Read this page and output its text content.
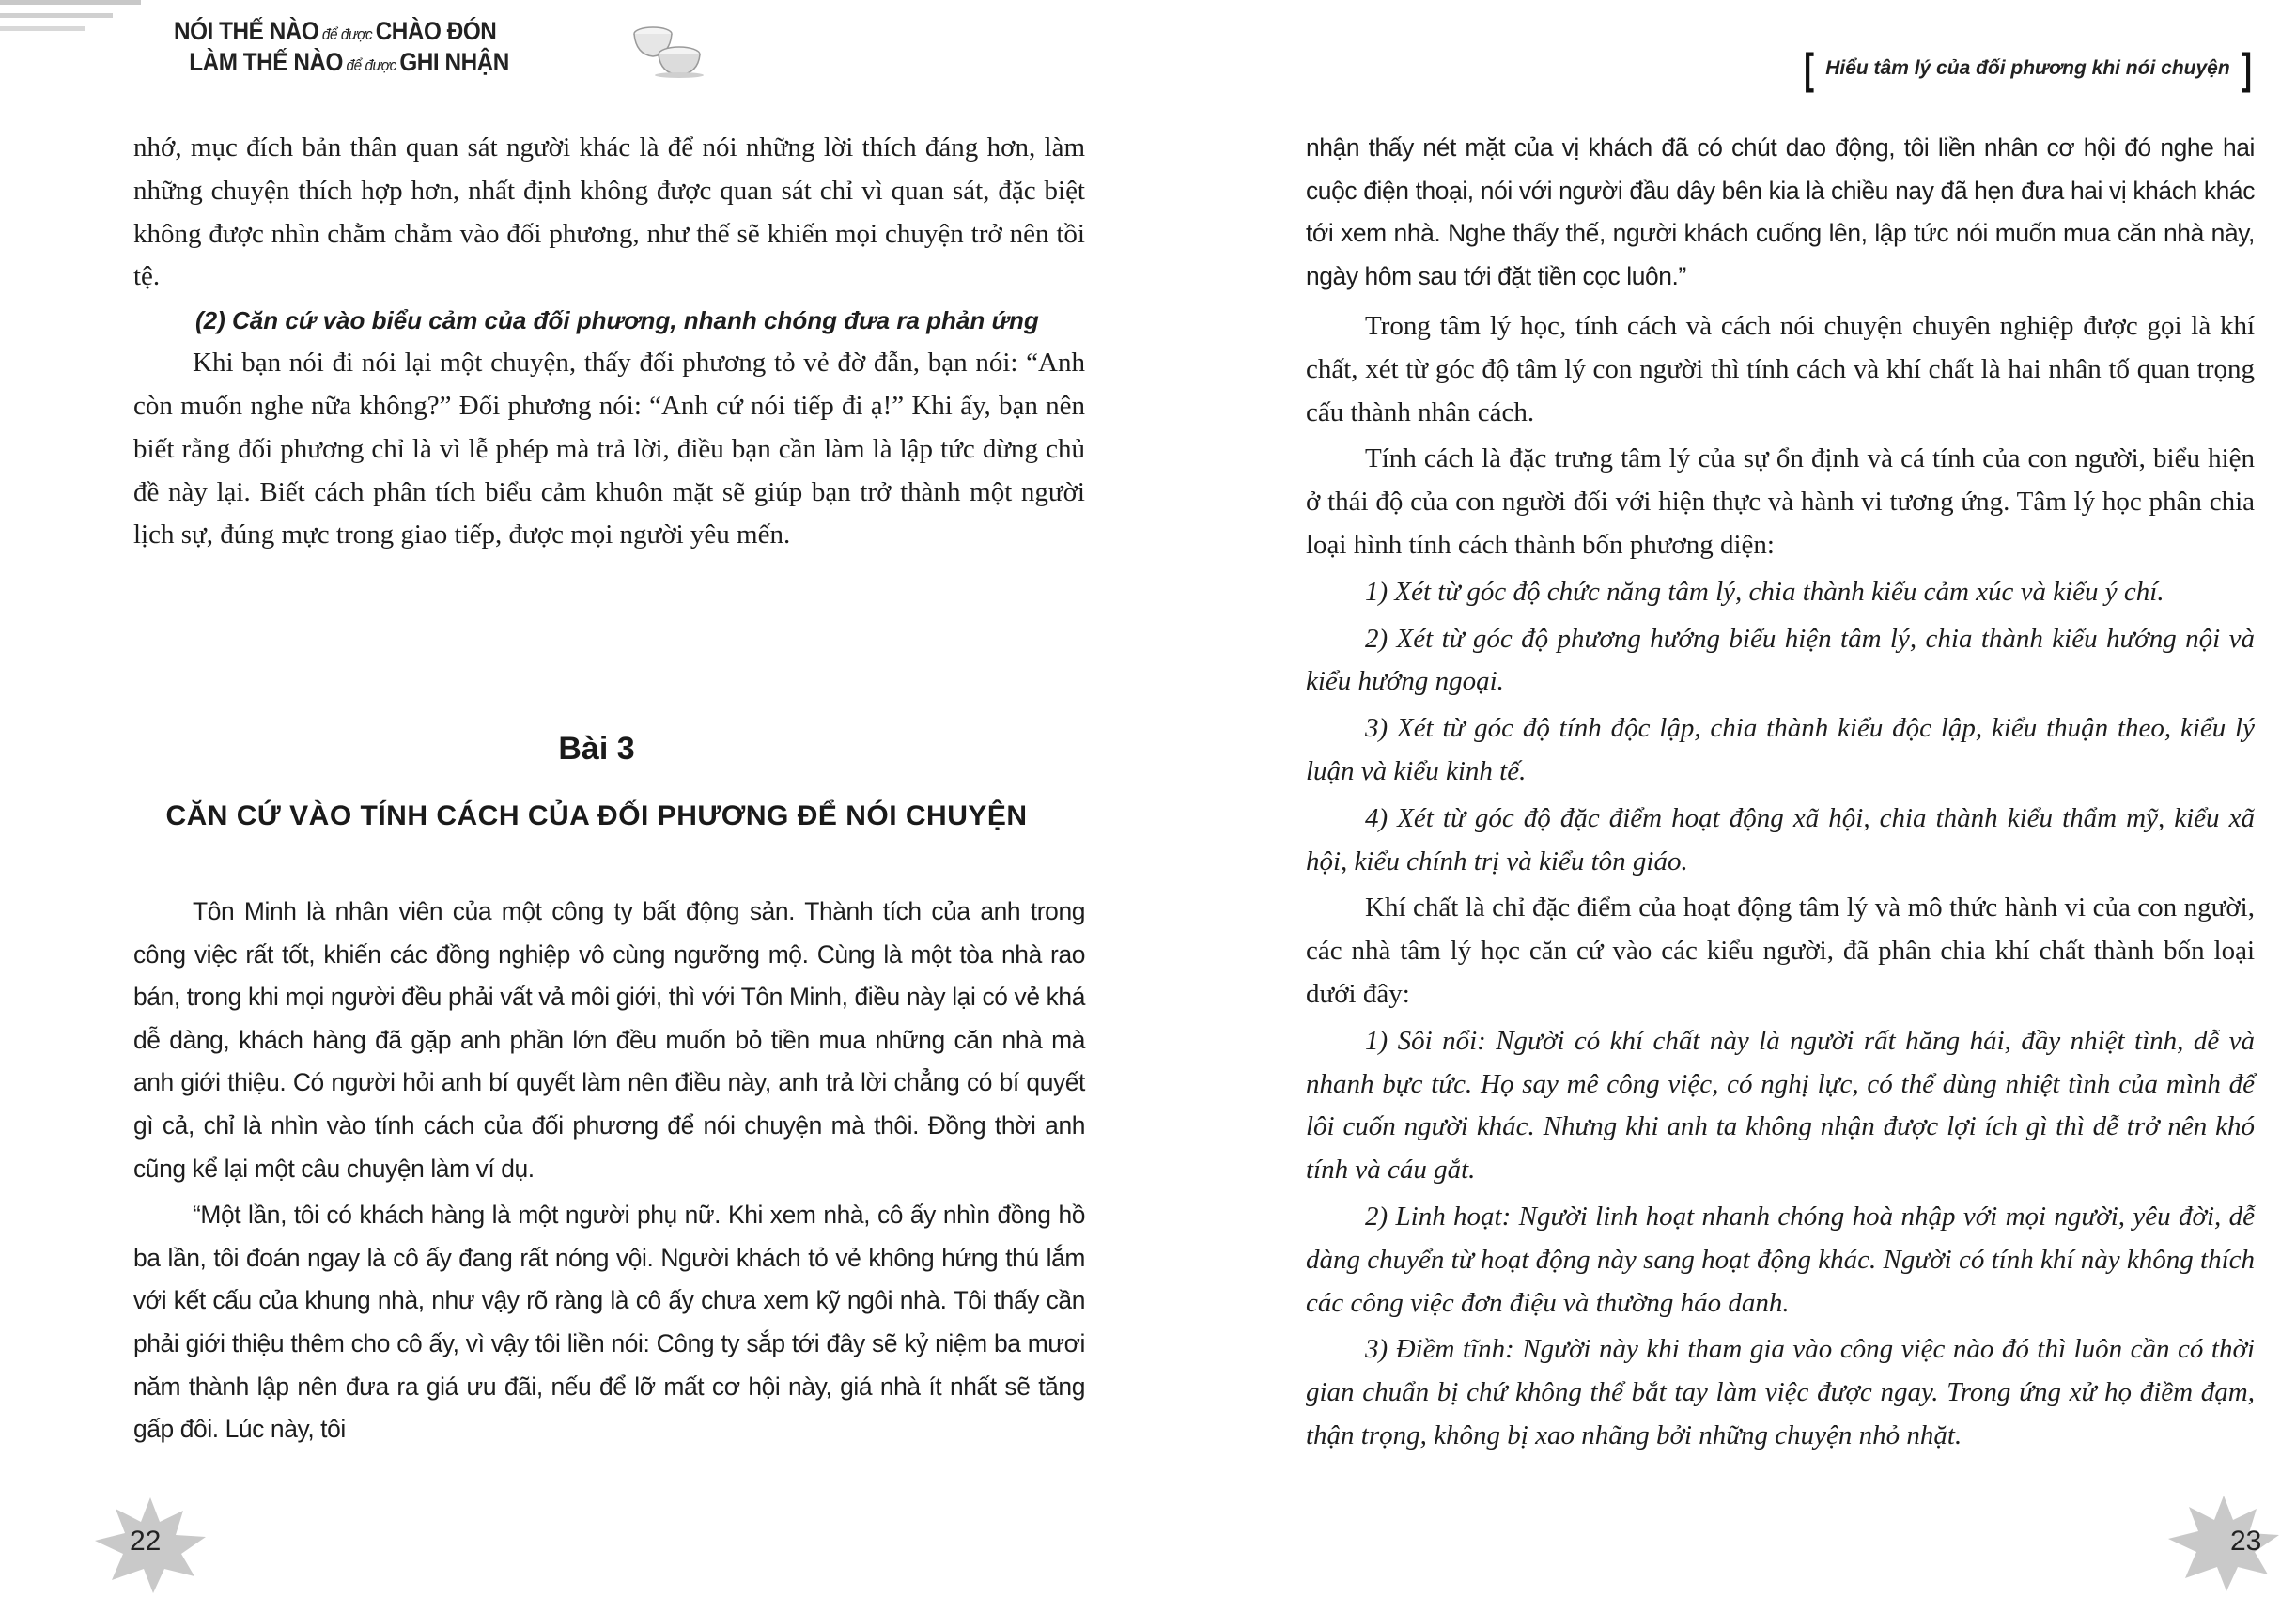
NÓI THẾ NÀO để được CHÀO ĐÓN
LÀM THẾ NÀO để được GHI NHẬN

nhớ, mục đích bản thân quan sát người khác là để nói những lời thích đáng hơn, làm những chuyện thích hợp hơn, nhất định không được quan sát chỉ vì quan sát, đặc biệt không được nhìn chằm chằm vào đối phương, như thế sẽ khiến mọi chuyện trở nên tồi tệ.

(2) Căn cứ vào biểu cảm của đối phương, nhanh chóng đưa ra phản ứng

Khi bạn nói đi nói lại một chuyện, thấy đối phương tỏ vẻ đờ đẫn, bạn nói: “Anh còn muốn nghe nữa không?” Đối phương nói: “Anh cứ nói tiếp đi ạ!” Khi ấy, bạn nên biết rằng đối phương chỉ là vì lễ phép mà trả lời, điều bạn cần làm là lập tức dừng chủ đề này lại. Biết cách phân tích biểu cảm khuôn mặt sẽ giúp bạn trở thành một người lịch sự, đúng mực trong giao tiếp, được mọi người yêu mến.

Bài 3
CĂN CỨ VÀO TÍNH CÁCH CỦA ĐỐI PHƯƠNG ĐỂ NÓI CHUYỆN

Tôn Minh là nhân viên của một công ty bất động sản. Thành tích của anh trong công việc rất tốt, khiến các đồng nghiệp vô cùng ngưỡng mộ. Cùng là một tòa nhà rao bán, trong khi mọi người đều phải vất vả môi giới, thì với Tôn Minh, điều này lại có vẻ khá dễ dàng, khách hàng đã gặp anh phần lớn đều muốn bỏ tiền mua những căn nhà mà anh giới thiệu. Có người hỏi anh bí quyết làm nên điều này, anh trả lời chẳng có bí quyết gì cả, chỉ là nhìn vào tính cách của đối phương để nói chuyện mà thôi. Đồng thời anh cũng kể lại một câu chuyện làm ví dụ.

“Một lần, tôi có khách hàng là một người phụ nữ. Khi xem nhà, cô ấy nhìn đồng hồ ba lần, tôi đoán ngay là cô ấy đang rất nóng vội. Người khách tỏ vẻ không hứng thú lắm với kết cấu của khung nhà, như vậy rõ ràng là cô ấy chưa xem kỹ ngôi nhà. Tôi thấy cần phải giới thiệu thêm cho cô ấy, vì vậy tôi liền nói: Công ty sắp tới đây sẽ kỷ niệm ba mươi năm thành lập nên đưa ra giá ưu đãi, nếu để lỡ mất cơ hội này, giá nhà ít nhất sẽ tăng gấp đôi. Lúc này, tôi

22
[ Hiểu tâm lý của đối phương khi nói chuyện ]

nhận thấy nét mặt của vị khách đã có chút dao động, tôi liền nhân cơ hội đó nghe hai cuộc điện thoại, nói với người đầu dây bên kia là chiều nay đã hẹn đưa hai vị khách khác tới xem nhà. Nghe thấy thế, người khách cuống lên, lập tức nói muốn mua căn nhà này, ngày hôm sau tới đặt tiền cọc luôn.”

Trong tâm lý học, tính cách và cách nói chuyện chuyên nghiệp được gọi là khí chất, xét từ góc độ tâm lý con người thì tính cách và khí chất là hai nhân tố quan trọng cấu thành nhân cách.

Tính cách là đặc trưng tâm lý của sự ổn định và cá tính của con người, biểu hiện ở thái độ của con người đối với hiện thực và hành vi tương ứng. Tâm lý học phân chia loại hình tính cách thành bốn phương diện:

1) Xét từ góc độ chức năng tâm lý, chia thành kiểu cảm xúc và kiểu ý chí.

2) Xét từ góc độ phương hướng biểu hiện tâm lý, chia thành kiểu hướng nội và kiểu hướng ngoại.

3) Xét từ góc độ tính độc lập, chia thành kiểu độc lập, kiểu thuận theo, kiểu lý luận và kiểu kinh tế.

4) Xét từ góc độ đặc điểm hoạt động xã hội, chia thành kiểu thẩm mỹ, kiểu xã hội, kiểu chính trị và kiểu tôn giáo.

Khí chất là chỉ đặc điểm của hoạt động tâm lý và mô thức hành vi của con người, các nhà tâm lý học căn cứ vào các kiểu người, đã phân chia khí chất thành bốn loại dưới đây:

1) Sôi nổi: Người có khí chất này là người rất hăng hái, đầy nhiệt tình, dễ và nhanh bực tức. Họ say mê công việc, có nghị lực, có thể dùng nhiệt tình của mình để lôi cuốn người khác. Nhưng khi anh ta không nhận được lợi ích gì thì dễ trở nên khó tính và cáu gắt.

2) Linh hoạt: Người linh hoạt nhanh chóng hoà nhập với mọi người, yêu đời, dễ dàng chuyển từ hoạt động này sang hoạt động khác. Người có tính khí này không thích các công việc đơn điệu và thường háo danh.

3) Điềm tĩnh: Người này khi tham gia vào công việc nào đó thì luôn cần có thời gian chuẩn bị chứ không thể bắt tay làm việc được ngay. Trong ứng xử họ điềm đạm, thận trọng, không bị xao nhãng bởi những chuyện nhỏ nhặt.

23
